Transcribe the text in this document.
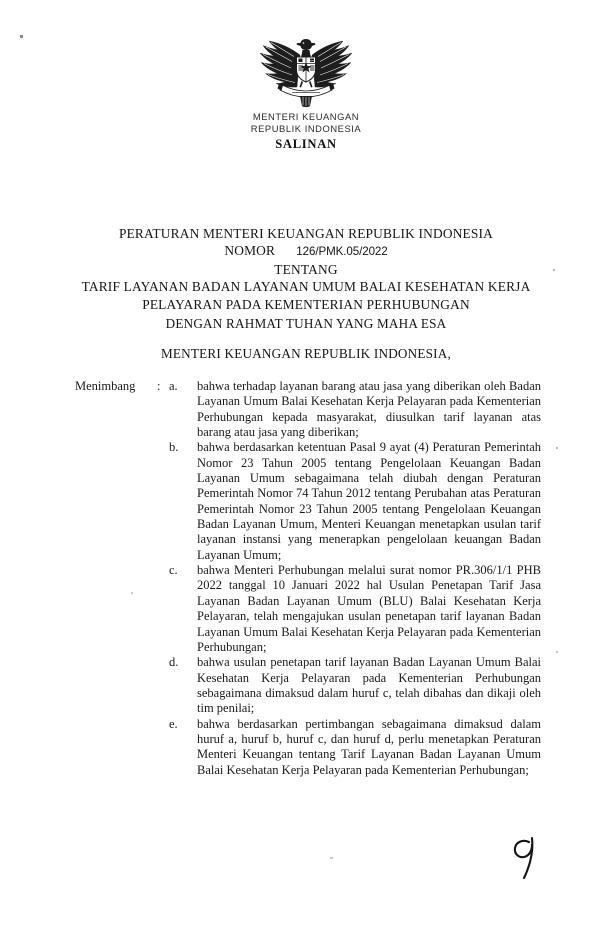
MENTERI KEUANGAN
REPUBLIK INDONESIA
SALINAN
PERATURAN MENTERI KEUANGAN REPUBLIK INDONESIA
NOMOR 126/PMK.05/2022
TENTANG
TARIF LAYANAN BADAN LAYANAN UMUM BALAI KESEHATAN KERJA
PELAYARAN PADA KEMENTERIAN PERHUBUNGAN
DENGAN RAHMAT TUHAN YANG MAHA ESA
MENTERI KEUANGAN REPUBLIK INDONESIA,
Menimbang	: a.	bahwa terhadap layanan barang atau jasa yang diberikan oleh Badan Layanan Umum Balai Kesehatan Kerja Pelayaran pada Kementerian Perhubungan kepada masyarakat, diusulkan tarif layanan atas barang atau jasa yang diberikan;
b.	bahwa berdasarkan ketentuan Pasal 9 ayat (4) Peraturan Pemerintah Nomor 23 Tahun 2005 tentang Pengelolaan Keuangan Badan Layanan Umum sebagaimana telah diubah dengan Peraturan Pemerintah Nomor 74 Tahun 2012 tentang Perubahan atas Peraturan Pemerintah Nomor 23 Tahun 2005 tentang Pengelolaan Keuangan Badan Layanan Umum, Menteri Keuangan menetapkan usulan tarif layanan instansi yang menerapkan pengelolaan keuangan Badan Layanan Umum;
c.	bahwa Menteri Perhubungan melalui surat nomor PR.306/1/1 PHB 2022 tanggal 10 Januari 2022 hal Usulan Penetapan Tarif Jasa Layanan Badan Layanan Umum (BLU) Balai Kesehatan Kerja Pelayaran, telah mengajukan usulan penetapan tarif layanan Badan Layanan Umum Balai Kesehatan Kerja Pelayaran pada Kementerian Perhubungan;
d.	bahwa usulan penetapan tarif layanan Badan Layanan Umum Balai Kesehatan Kerja Pelayaran pada Kementerian Perhubungan sebagaimana dimaksud dalam huruf c, telah dibahas dan dikaji oleh tim penilai;
e.	bahwa berdasarkan pertimbangan sebagaimana dimaksud dalam huruf a, huruf b, huruf c, dan huruf d, perlu menetapkan Peraturan Menteri Keuangan tentang Tarif Layanan Badan Layanan Umum Balai Kesehatan Kerja Pelayaran pada Kementerian Perhubungan;
